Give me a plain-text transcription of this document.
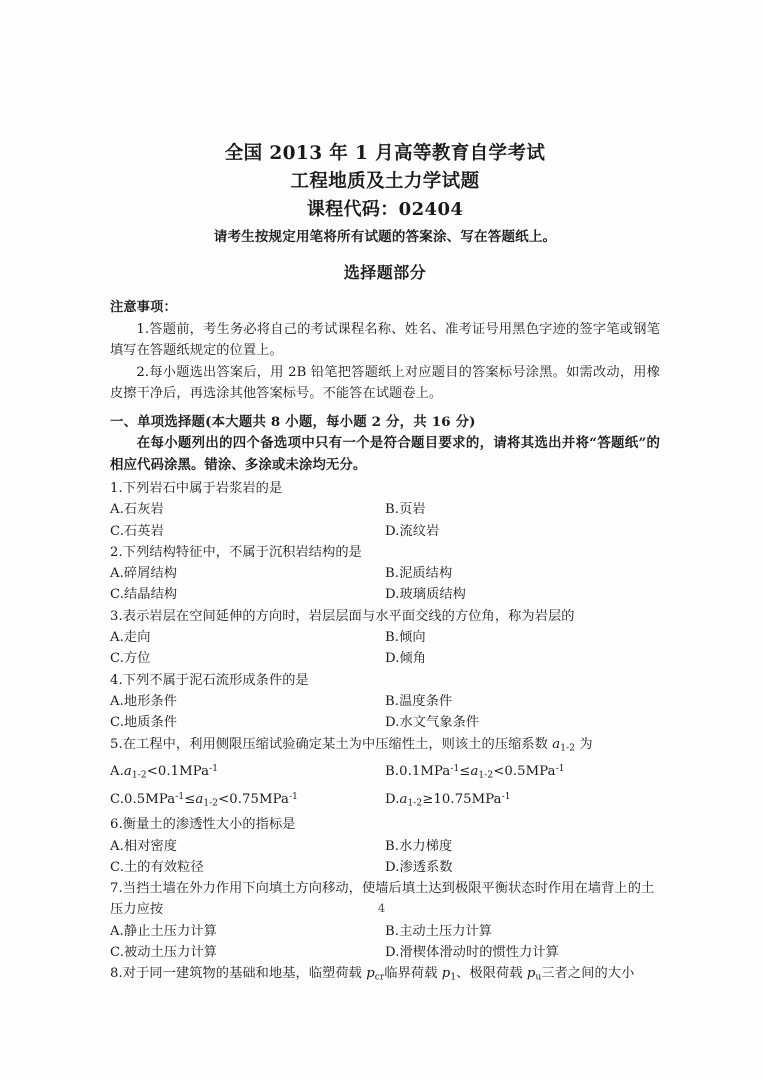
全国 2013 年 1 月高等教育自学考试
工程地质及土力学试题
课程代码：02404
请考生按规定用笔将所有试题的答案涂、写在答题纸上。
选择题部分
注意事项：
1.答题前，考生务必将自己的考试课程名称、姓名、准考证号用黑色字迹的签字笔或钢笔填写在答题纸规定的位置上。
2.每小题选出答案后，用 2B 铅笔把答题纸上对应题目的答案标号涂黑。如需改动，用橡皮擦干净后，再选涂其他答案标号。不能答在试题卷上。
一、单项选择题(本大题共 8 小题，每小题 2 分，共 16 分)
在每小题列出的四个备选项中只有一个是符合题目要求的，请将其选出并将“答题纸”的相应代码涂黑。错涂、多涂或未涂均无分。
1.下列岩石中属于岩浆岩的是
A.石灰岩	B.页岩
C.石英岩	D.流纹岩
2.下列结构特征中，不属于沉积岩结构的是
A.碎屑结构	B.泥质结构
C.结晶结构	D.玻璃质结构
3.表示岩层在空间延伸的方向时，岩层层面与水平面交线的方位角，称为岩层的
A.走向	B.倾向
C.方位	D.倾角
4.下列不属于泥石流形成条件的是
A.地形条件	B.温度条件
C.地质条件	D.水文气象条件
5.在工程中，利用侧限压缩试验确定某土为中压缩性土，则该土的压缩系数 $a_{1-2}$ 为
$A.a_{1-2}<0.1MPa^{-1}$	$B.0.1MPa^{-1}\le a_{1-2}<0.5MPa^{-1}$
$C.0.5MPa^{-1}\le a_{1-2}<0.75MPa^{-1}$	$D.a_{1-2}\ge 10.75MPa^{-1}$
6.衡量土的渗透性大小的指标是
A.相对密度	B.水力梯度
C.土的有效粒径	D.渗透系数
7.当挡土墙在外力作用下向填土方向移动，使墙后填土达到极限平衡状态时作用在墙背上的土压力应按
A.静止土压力计算	B.主动土压力计算
C.被动土压力计算	D.滑楔体滑动时的惯性力计算
8.对于同一建筑物的基础和地基，临塑荷载 $p_{cr}$临界荷载 $p_1$、极限荷载 $p_u$三者之间的大小
4
